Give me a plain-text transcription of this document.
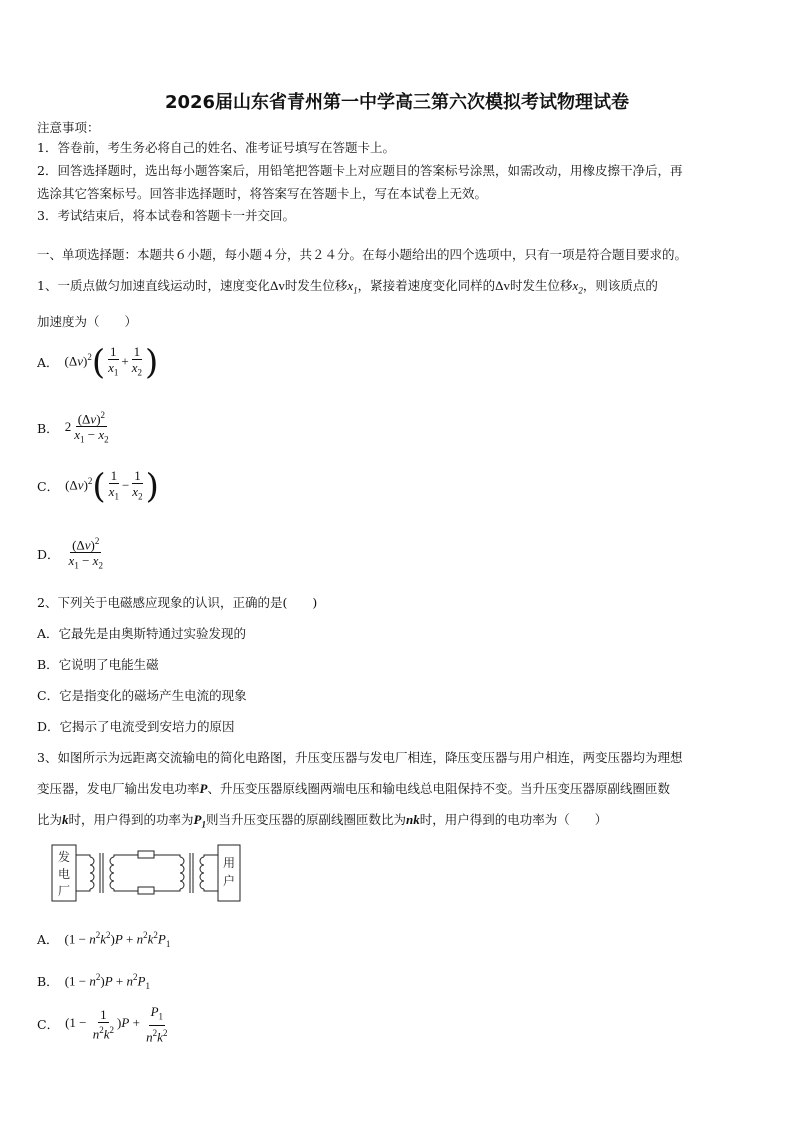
2026届山东省青州第一中学高三第六次模拟考试物理试卷
注意事项：
1．答卷前，考生务必将自己的姓名、准考证号填写在答题卡上。
2．回答选择题时，选出每小题答案后，用铅笔把答题卡上对应题目的答案标号涂黑，如需改动，用橡皮擦干净后，再
选涂其它答案标号。回答非选择题时，将答案写在答题卡上，写在本试卷上无效。
3．考试结束后，将本试卷和答题卡一并交回。
一、单项选择题：本题共６小题，每小题４分，共２４分。在每小题给出的四个选项中，只有一项是符合题目要求的。
1、一质点做匀加速直线运动时，速度变化Δv时发生位移$x_1$，紧接着速度变化同样的Δv时发生位移$x_2$，则该质点的
加速度为（　　）
A． $(\Delta v)^2( \frac{1}{x_1} + \frac{1}{x_2}$ )
B． $2 \frac{(\Delta v)^2}{x_1 - x_2}$
C． $(\Delta v)^2( \frac{1}{x_1} - \frac{1}{x_2}$ )
D． $\frac{(\Delta v)^2}{x_1 - x_2}$
2、下列关于电磁感应现象的认识，正确的是(　　)
A．它最先是由奥斯特通过实验发现的
B．它说明了电能生磁
C．它是指变化的磁场产生电流的现象
D．它揭示了电流受到安培力的原因
3、如图所示为远距离交流输电的简化电路图，升压变压器与发电厂相连，降压变压器与用户相连，两变压器均为理想
变压器，发电厂输出发电功率P、升压变压器原线圈两端电压和输电线总电阻保持不变。当升压变压器原副线圈匝数
比为k时，用户得到的功率为$P_1$则当升压变压器的原副线圈匝数比为nk时，用户得到的电功率为（　　）
发
电
厂
用
户
A． $(1 - n^2k^2)P + n^2k^2P_1$
B． $(1 - n^2)P + n^2P_1$
C． $(1 - \frac{1}{n^2k^2} )P + \frac{P_1}{n^2k^2}$
